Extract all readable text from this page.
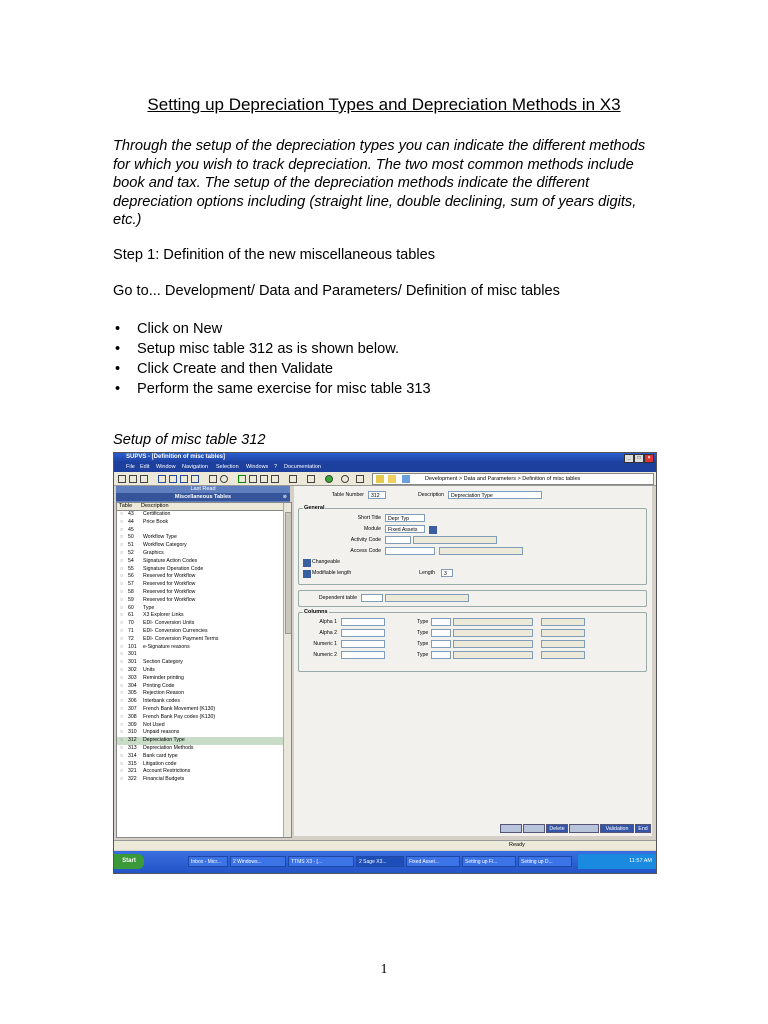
Setting up Depreciation Types and Depreciation Methods in X3

Through the setup of the depreciation types you can indicate the different methods for which you wish to track depreciation. The two most common methods include book and tax. The setup of the depreciation methods indicate the different depreciation options including (straight line, double declining, sum of years digits, etc.)

Step 1: Definition of the new miscellaneous tables

Go to... Development/ Data and Parameters/ Definition of misc tables

• Click on New
• Setup misc table 312 as is shown below.
• Click Create and then Validate
• Perform the same exercise for misc table 313
Setup of misc table 312
SUPVS - [Definition of misc tables]	_	□	×
File Edit Window Navigation Selection Windows ? Documentation
Development > Data and Parameters > Definition of misc tables
Last Read
Miscellaneous Tables	⊗
Table Description
○ 43	Certification
○ 44	Price Book
○ 45
○ 50	Workflow Type
○ 51	Workflow Category
○ 52	Graphics
○ 54	Signature Action Codes
○ 55	Signature Operation Code
○ 56	Reserved for Workflow
○ 57	Reserved for Workflow
○ 58	Reserved for Workflow
○ 59	Reserved for Workflow
○ 60	Type
○ 61	X3 Explorer Links
○ 70	EDI- Conversion Units
○ 71	EDI- Conversion Currencies
○ 72	EDI- Conversion Payment Terms
○ 101	e-Signature reasons
○ 301
○ 301	Section Category
○ 302	Units
○ 303	Reminder printing
○ 304	Printing Code
○ 305	Rejection Reason
○ 306	Interbank codes
○ 307	French Bank Movement (K130)
○ 308	French Bank Pay codes (K130)
○ 309	Not Used
○ 310	Unpaid reasons
○ 312	Depreciation Type
○ 313	Depreciation Methods
○ 314	Bank card type
○ 315	Litigation code
○ 321	Account Restrictions
○ 322	Financial Budgets
Table Number	312	Description	Depreciation Type
General
Short Title	Depr Typ
Module	Fixed Assets
Activity Code
Access Code
Changeable
Modifiable length	Length	3
Dependent table
Columns
Alpha 1	Type
Alpha 2	Type
Numeric 1	Type
Numeric 2	Type
Delete	Validation	End
Ready
Start	Inbox - Micr...	2 Windows...	TTMS X3 - [...	2 Sage X3...	Fixed Asset...	Setting up Fi...	Setting up D...	11:57 AM
1
